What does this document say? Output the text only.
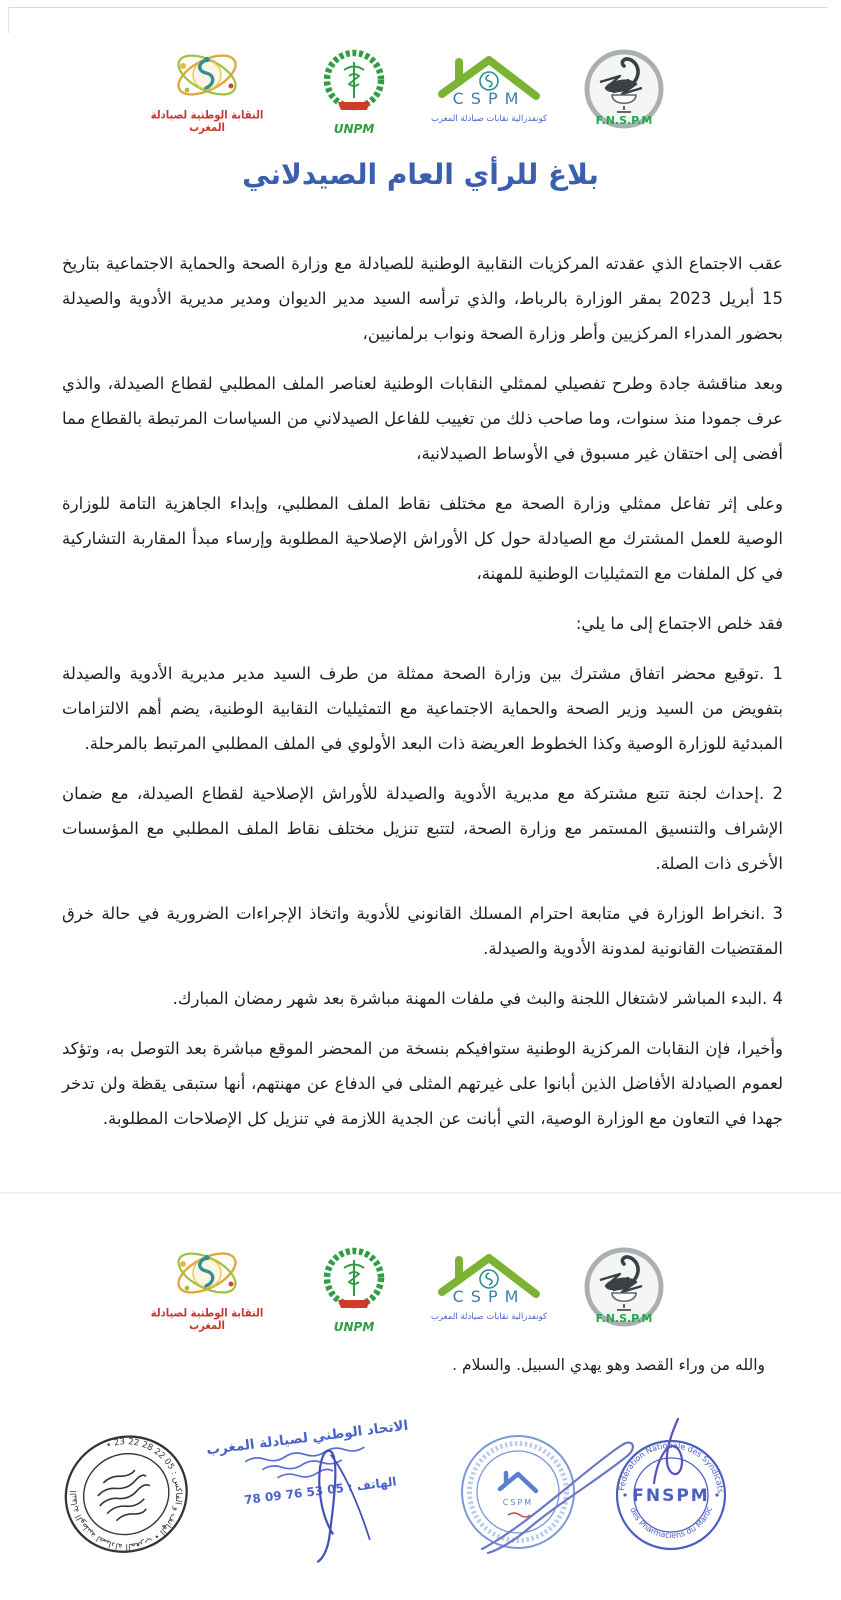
النقابة الوطنية لصيادلة المغرب	UNPM
CSPM
كونفدرالية نقابات صيادلة المغرب	F.N.S.P.M
بلاغ للرأي العام الصيدلاني

عقب الاجتماع الذي عقدته المركزيات النقابية الوطنية للصيادلة مع وزارة الصحة والحماية الاجتماعية بتاريخ 15 أبريل 2023 بمقر الوزارة بالرباط، والذي ترأسه السيد مدير الديوان ومدير مديرية الأدوية والصيدلة بحضور المدراء المركزيين وأطر وزارة الصحة ونواب برلمانيين،

وبعد مناقشة جادة وطرح تفصيلي لممثلي النقابات الوطنية لعناصر الملف المطلبي لقطاع الصيدلة، والذي عرف جمودا منذ سنوات، وما صاحب ذلك من تغييب للفاعل الصيدلاني من السياسات المرتبطة بالقطاع مما أفضى إلى احتقان غير مسبوق في الأوساط الصيدلانية،

وعلى إثر تفاعل ممثلي وزارة الصحة مع مختلف نقاط الملف المطلبي، وإبداء الجاهزية التامة للوزارة الوصية للعمل المشترك مع الصيادلة حول كل الأوراش الإصلاحية المطلوبة وإرساء مبدأ المقاربة التشاركية في كل الملفات مع التمثيليات الوطنية للمهنة،

فقد خلص الاجتماع إلى ما يلي:

1 .توقيع محضر اتفاق مشترك بين وزارة الصحة ممثلة من طرف السيد مدير مديرية الأدوية والصيدلة بتفويض من السيد وزير الصحة والحماية الاجتماعية مع التمثيليات النقابية الوطنية، يضم أهم الالتزامات المبدئية للوزارة الوصية وكذا الخطوط العريضة ذات البعد الأولوي في الملف المطلبي المرتبط بالمرحلة.

2 .إحداث لجنة تتبع مشتركة مع مديرية الأدوية والصيدلة للأوراش الإصلاحية لقطاع الصيدلة، مع ضمان الإشراف والتنسيق المستمر مع وزارة الصحة، لتتبع تنزيل مختلف نقاط الملف المطلبي مع المؤسسات الأخرى ذات الصلة.

3 .انخراط الوزارة في متابعة احترام المسلك القانوني للأدوية واتخاذ الإجراءات الضرورية في حالة خرق المقتضيات القانونية لمدونة الأدوية والصيدلة.

4 .البدء المباشر لاشتغال اللجنة والبث في ملفات المهنة مباشرة بعد شهر رمضان المبارك.

وأخيرا، فإن النقابات المركزية الوطنية ستوافيكم بنسخة من المحضر الموقع مباشرة بعد التوصل به، وتؤكد لعموم الصيادلة الأفاضل الذين أبانوا على غيرتهم المثلى في الدفاع عن مهنتهم، أنها ستبقى يقظة ولن تدخر جهدا في التعاون مع الوزارة الوصية، التي أبانت عن الجدية اللازمة في تنزيل كل الإصلاحات المطلوبة.

النقابة الوطنية لصيادلة المغرب	UNPM
CSPM
كونفدرالية نقابات صيادلة المغرب	F.N.S.P.M
والله من وراء القصد وهو يهدي السبيل. والسلام .
النقابة الوطنية لصيادلة المغرب ٭ الهاتف و الفاكس : 05 22 28 22 23 ٭
الاتحاد الوطني لصيادلة المغرب
الهاتف : 05 53 76 09 78
CSPM
Fédération Nationale des Syndicats
des Pharmaciens du Maroc
FNSPM
